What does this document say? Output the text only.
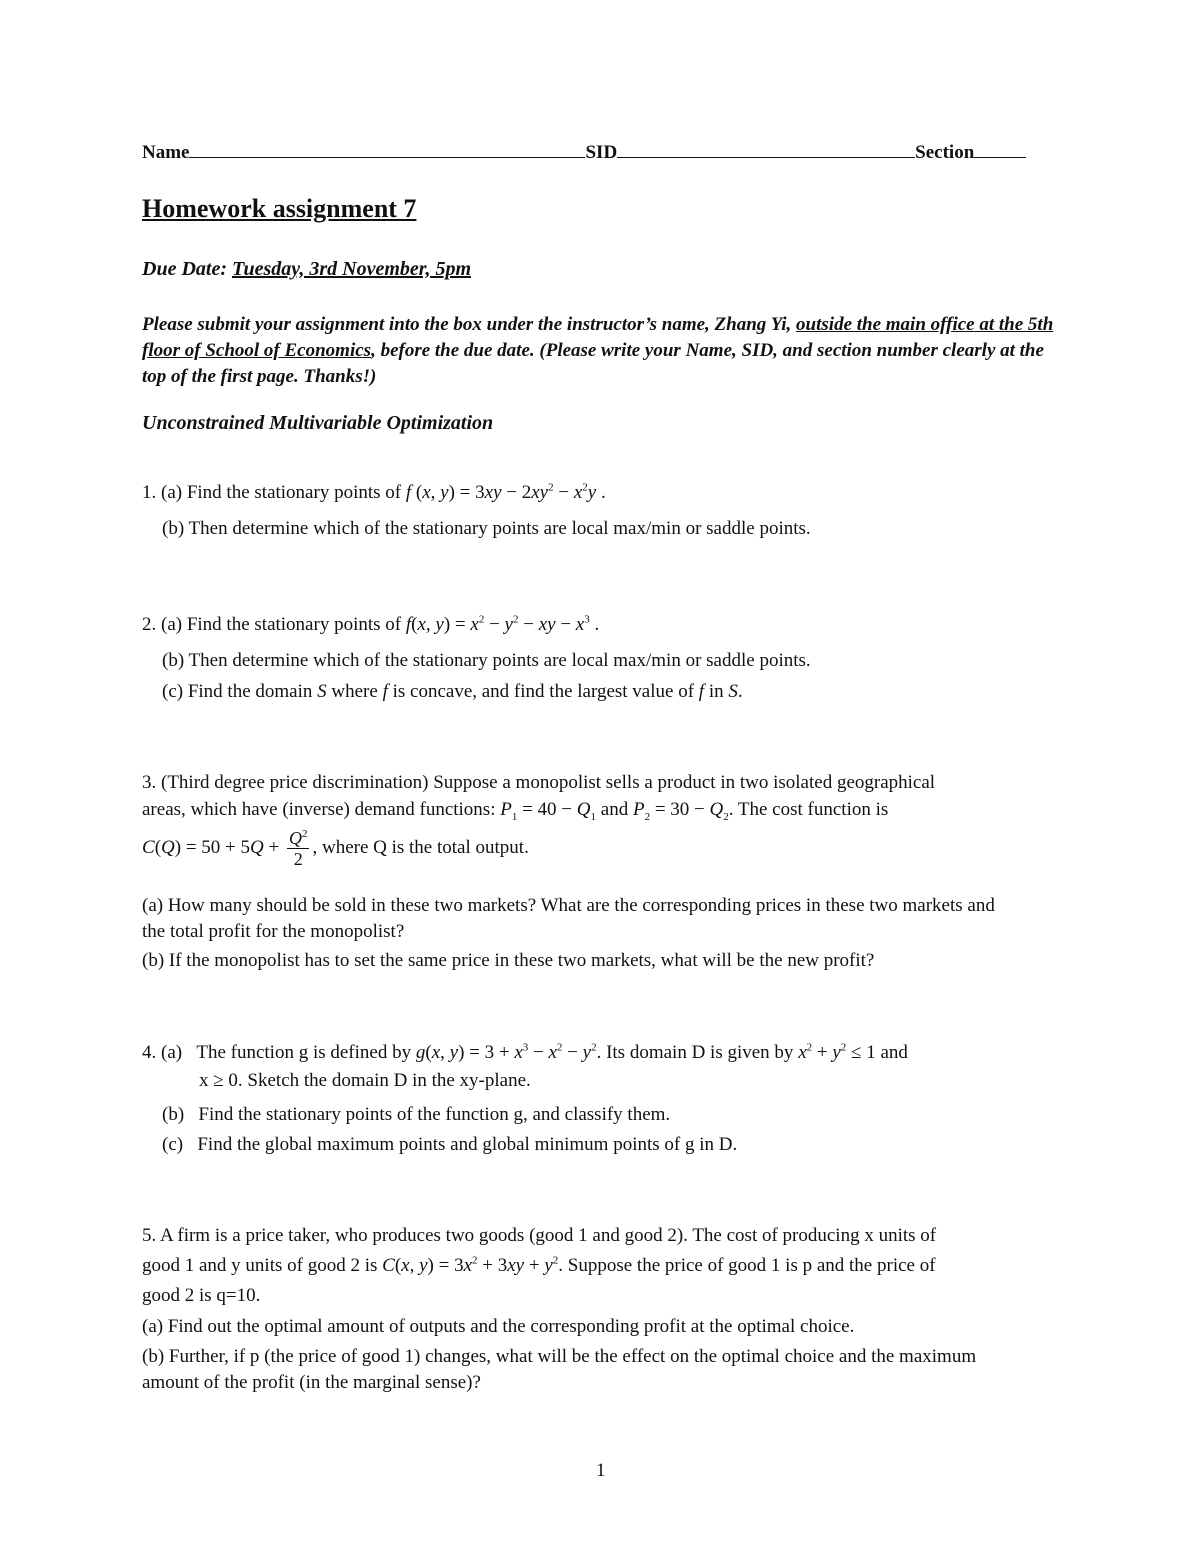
Name	SID	Section
Homework assignment 7
Due Date: Tuesday, 3rd November, 5pm
Please submit your assignment into the box under the instructor’s name, Zhang Yi, outside the main office at the 5th floor of School of Economics, before the due date. (Please write your Name, SID, and section number clearly at the top of the first page. Thanks!)
Unconstrained Multivariable Optimization
1. (a) Find the stationary points of f (x, $y) = 3xy - 2xy^2 - x^2y$ .
(b) Then determine which of the stationary points are local max/min or saddle points.
2. (a) Find the stationary points of f(x, $y) = x^2 - y^2$ − xy − $x^3$ .
(b) Then determine which of the stationary points are local max/min or saddle points.
(c) Find the domain S where f is concave, and find the largest value of f in S.
3. (Third degree price discrimination) Suppose a monopolist sells a product in two isolated geographical
areas, which have (inverse) demand functions: $P_1 = 40 - Q_1$ and $P_2 = 30 - Q_2$. The cost function is
$C(Q) = 50 + 5Q + \frac{Q^2}{2}$ , where Q is the total output.
(a) How many should be sold in these two markets? What are the corresponding prices in these two markets and the total profit for the monopolist?
(b) If the monopolist has to set the same price in these two markets, what will be the new profit?
4. (a) The function g is defined by g(x, $y) = 3 + x^3 - x^2 - y^2$. Its domain D is given by $x^2 + y^2 \le 1$ and
x ≥ 0. Sketch the domain D in the xy-plane.
(b) Find the stationary points of the function g, and classify them.
(c) Find the global maximum points and global minimum points of g in D.
5. A firm is a price taker, who produces two goods (good 1 and good 2). The cost of producing x units of
good 1 and y units of good 2 is C(x, $y) = 3x^2 + 3xy + y^2$. Suppose the price of good 1 is p and the price of
good 2 is q=10.
(a) Find out the optimal amount of outputs and the corresponding profit at the optimal choice.
(b) Further, if p (the price of good 1) changes, what will be the effect on the optimal choice and the maximum amount of the profit (in the marginal sense)?
1
